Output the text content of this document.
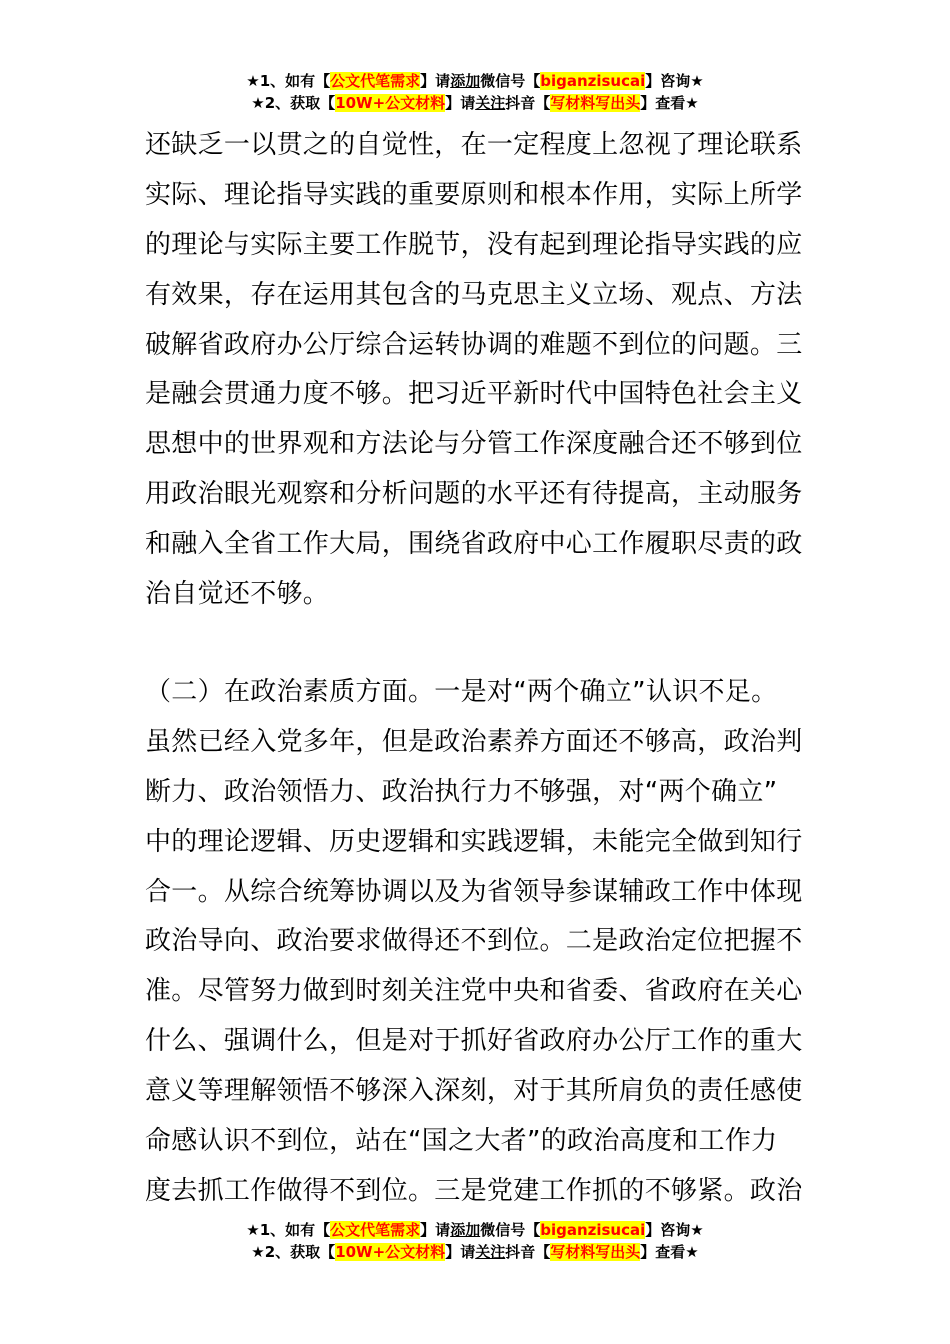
★1、如有【公文代笔需求】请添加微信号【biganzisucai】咨询★
★2、获取【10W+公文材料】请关注抖音【写材料写出头】查看★
还缺乏一以贯之的自觉性，在一定程度上忽视了理论联系
实际、理论指导实践的重要原则和根本作用，实际上所学
的理论与实际主要工作脱节，没有起到理论指导实践的应
有效果，存在运用其包含的马克思主义立场、观点、方法
破解省政府办公厅综合运转协调的难题不到位的问题。三
是融会贯通力度不够。把习近平新时代中国特色社会主义
思想中的世界观和方法论与分管工作深度融合还不够到位
用政治眼光观察和分析问题的水平还有待提高，主动服务
和融入全省工作大局，围绕省政府中心工作履职尽责的政
治自觉还不够。
（二）在政治素质方面。一是对“两个确立”认识不足。
虽然已经入党多年，但是政治素养方面还不够高，政治判
断力、政治领悟力、政治执行力不够强，对“两个确立”
中的理论逻辑、历史逻辑和实践逻辑，未能完全做到知行
合一。从综合统筹协调以及为省领导参谋辅政工作中体现
政治导向、政治要求做得还不到位。二是政治定位把握不
准。尽管努力做到时刻关注党中央和省委、省政府在关心
什么、强调什么，但是对于抓好省政府办公厅工作的重大
意义等理解领悟不够深入深刻，对于其所肩负的责任感使
命感认识不到位，站在“国之大者”的政治高度和工作力
度去抓工作做得不到位。三是党建工作抓的不够紧。政治
★1、如有【公文代笔需求】请添加微信号【biganzisucai】咨询★
★2、获取【10W+公文材料】请关注抖音【写材料写出头】查看★
